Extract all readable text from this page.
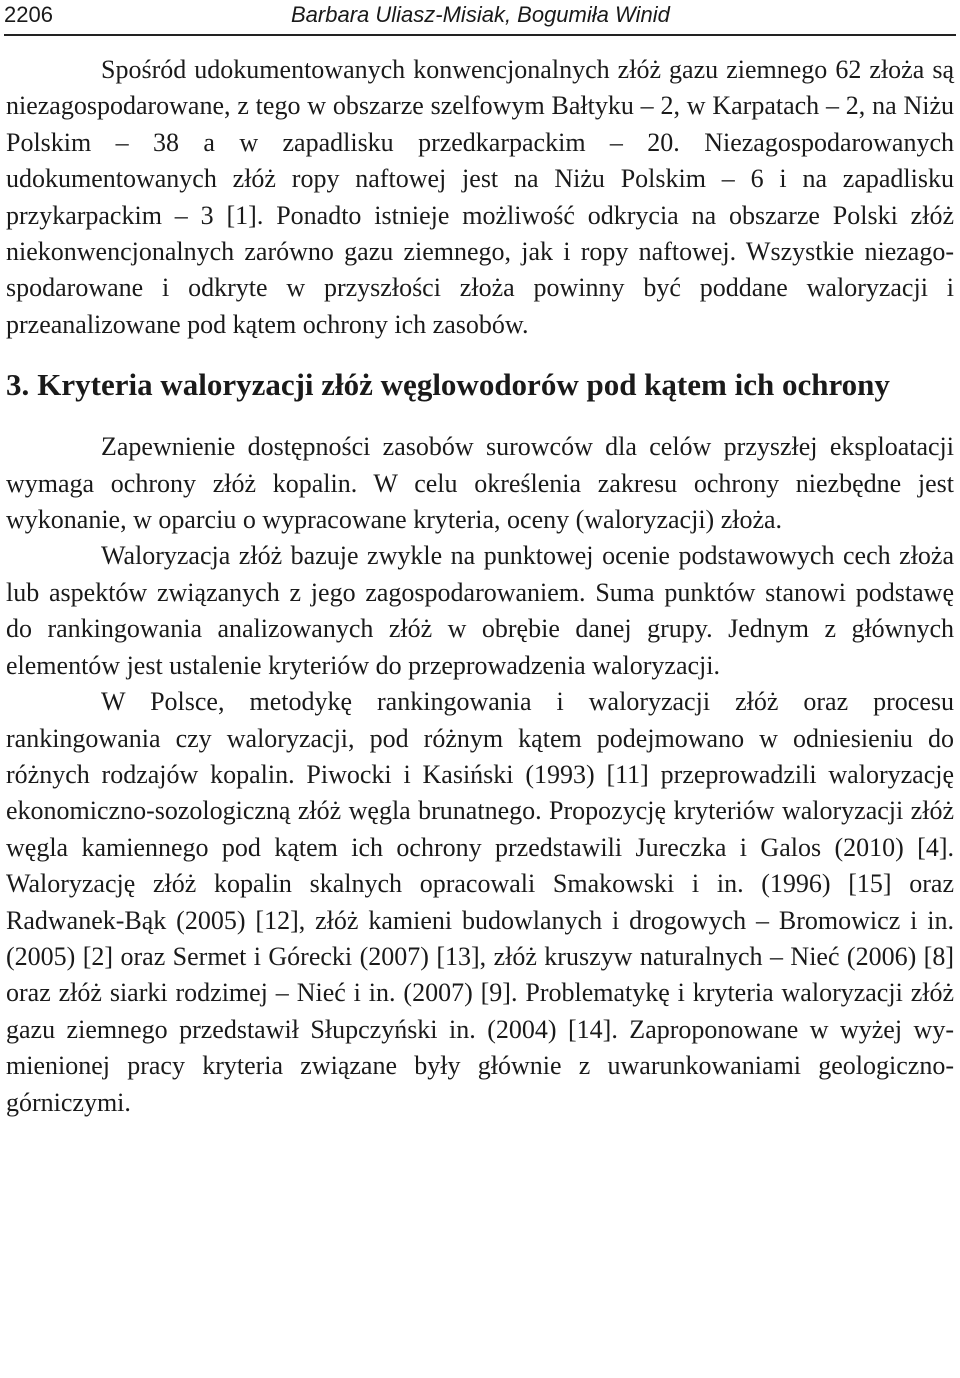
2206	Barbara Uliasz-Misiak, Bogumiła Winid

Spośród udokumentowanych konwencjonalnych złóż gazu ziemnego 62 złoża są niezagospodarowane, z tego w obszarze szelfowym Bałtyku – 2, w Karpatach – 2, na Niżu Polskim – 38 a w zapadlisku przedkarpackim – 20. Niezagospodarowanych udokumentowanych złóż ropy naftowej jest na Niżu Polskim – 6 i na zapadlisku przykarpackim – 3 [1]. Ponadto istnieje możliwość odkrycia na obszarze Polski złóż niekonwencjonalnych zarówno gazu ziemnego, jak i ropy naftowej. Wszystkie niezagospodarowane i odkryte w przyszłości złoża powinny być poddane waloryzacji i przeanalizowane pod kątem ochrony ich zasobów.

3. Kryteria waloryzacji złóż węglowodorów pod kątem ich ochrony

Zapewnienie dostępności zasobów surowców dla celów przyszłej eksploatacji wymaga ochrony złóż kopalin. W celu określenia zakresu ochrony niezbędne jest wykonanie, w oparciu o wypracowane kryteria, oceny (waloryzacji) złoża.

Waloryzacja złóż bazuje zwykle na punktowej ocenie podstawowych cech złoża lub aspektów związanych z jego zagospodarowaniem. Suma punktów stanowi podstawę do rankingowania analizowanych złóż w obrębie danej grupy. Jednym z głównych elementów jest ustalenie kryteriów do przeprowadzenia waloryzacji.

W Polsce, metodykę rankingowania i waloryzacji złóż oraz procesu rankingowania czy waloryzacji, pod różnym kątem podejmowano w odniesieniu do różnych rodzajów kopalin. Piwocki i Kasiński (1993) [11] przeprowadzili waloryzację ekonomiczno-sozologiczną złóż węgla brunatnego. Propozycję kryteriów waloryzacji złóż węgla kamiennego pod kątem ich ochrony przedstawili Jureczka i Galos (2010) [4]. Waloryzację złóż kopalin skalnych opracowali Smakowski i in. (1996) [15] oraz Radwanek-Bąk (2005) [12], złóż kamieni budowlanych i drogowych – Bromowicz i in. (2005) [2] oraz Sermet i Górecki (2007) [13], złóż kruszyw naturalnych – Nieć (2006) [8] oraz złóż siarki rodzimej – Nieć i in. (2007) [9]. Problematykę i kryteria waloryzacji złóż gazu ziemnego przedstawił Słupczyński in. (2004) [14]. Zaproponowane w wyżej wymienionej pracy kryteria związane były głównie z uwarunkowaniami geologiczno-górniczymi.
